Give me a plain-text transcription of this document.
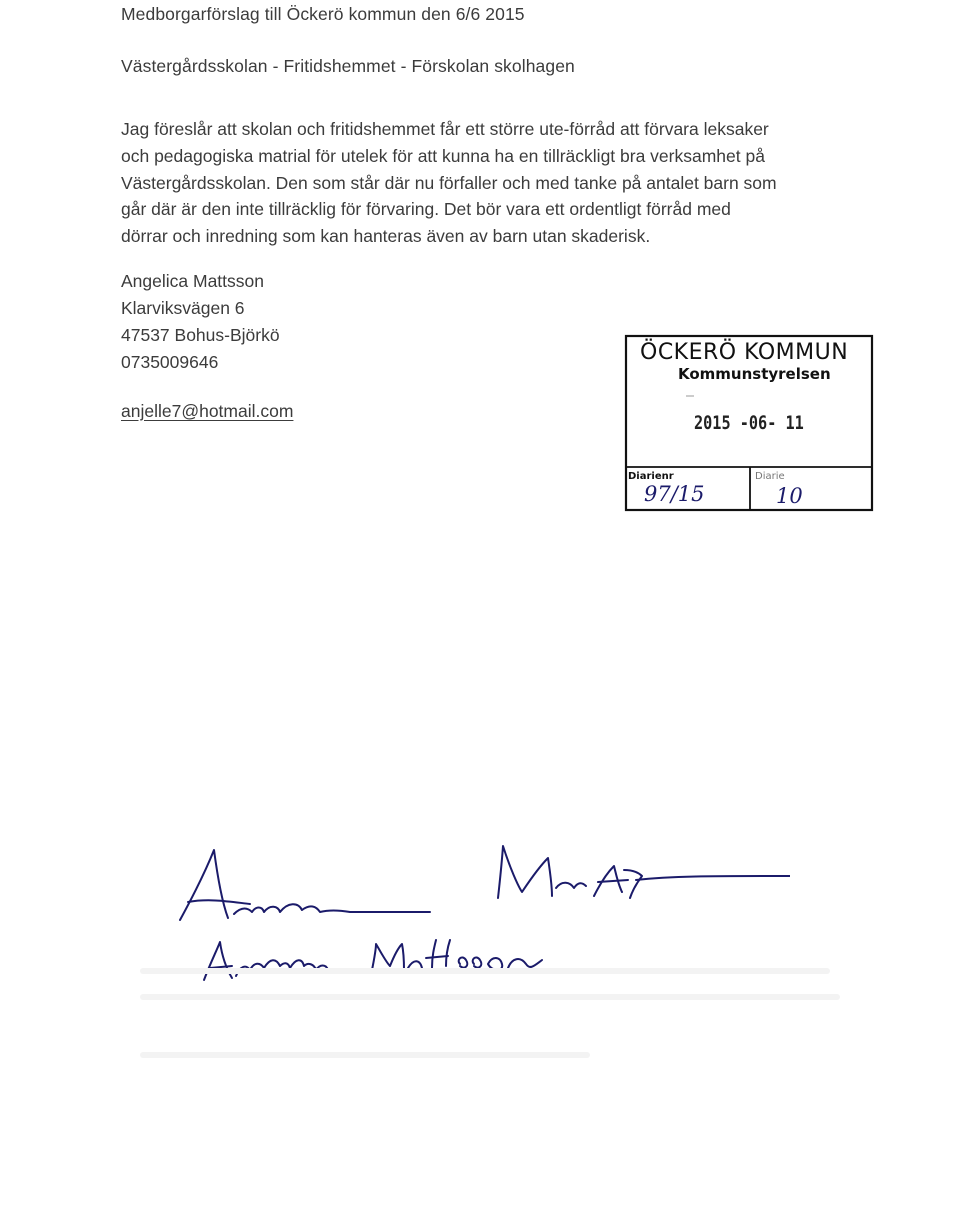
Medborgarförslag till Öckerö kommun den 6/6 2015
Västergårdsskolan - Fritidshemmet - Förskolan skolhagen

Jag föreslår att skolan och fritidshemmet får ett större ute-förråd att förvara leksaker

och pedagogiska matrial för utelek för att kunna ha en tillräckligt bra verksamhet på

Västergårdsskolan. Den som står där nu förfaller och med tanke på antalet barn som

går där är den inte tillräcklig för förvaring. Det bör vara ett ordentligt förråd med

dörrar och inredning som kan hanteras även av barn utan skaderisk.

Angelica Mattsson
Klarviksvägen 6
47537 Bohus-Björkö
0735009646
anjelle7@hotmail.com
ÖCKERÖ KOMMUN
Kommunstyrelsen
2015 -06- 11
Diarienr	Diarie
97/15	10
